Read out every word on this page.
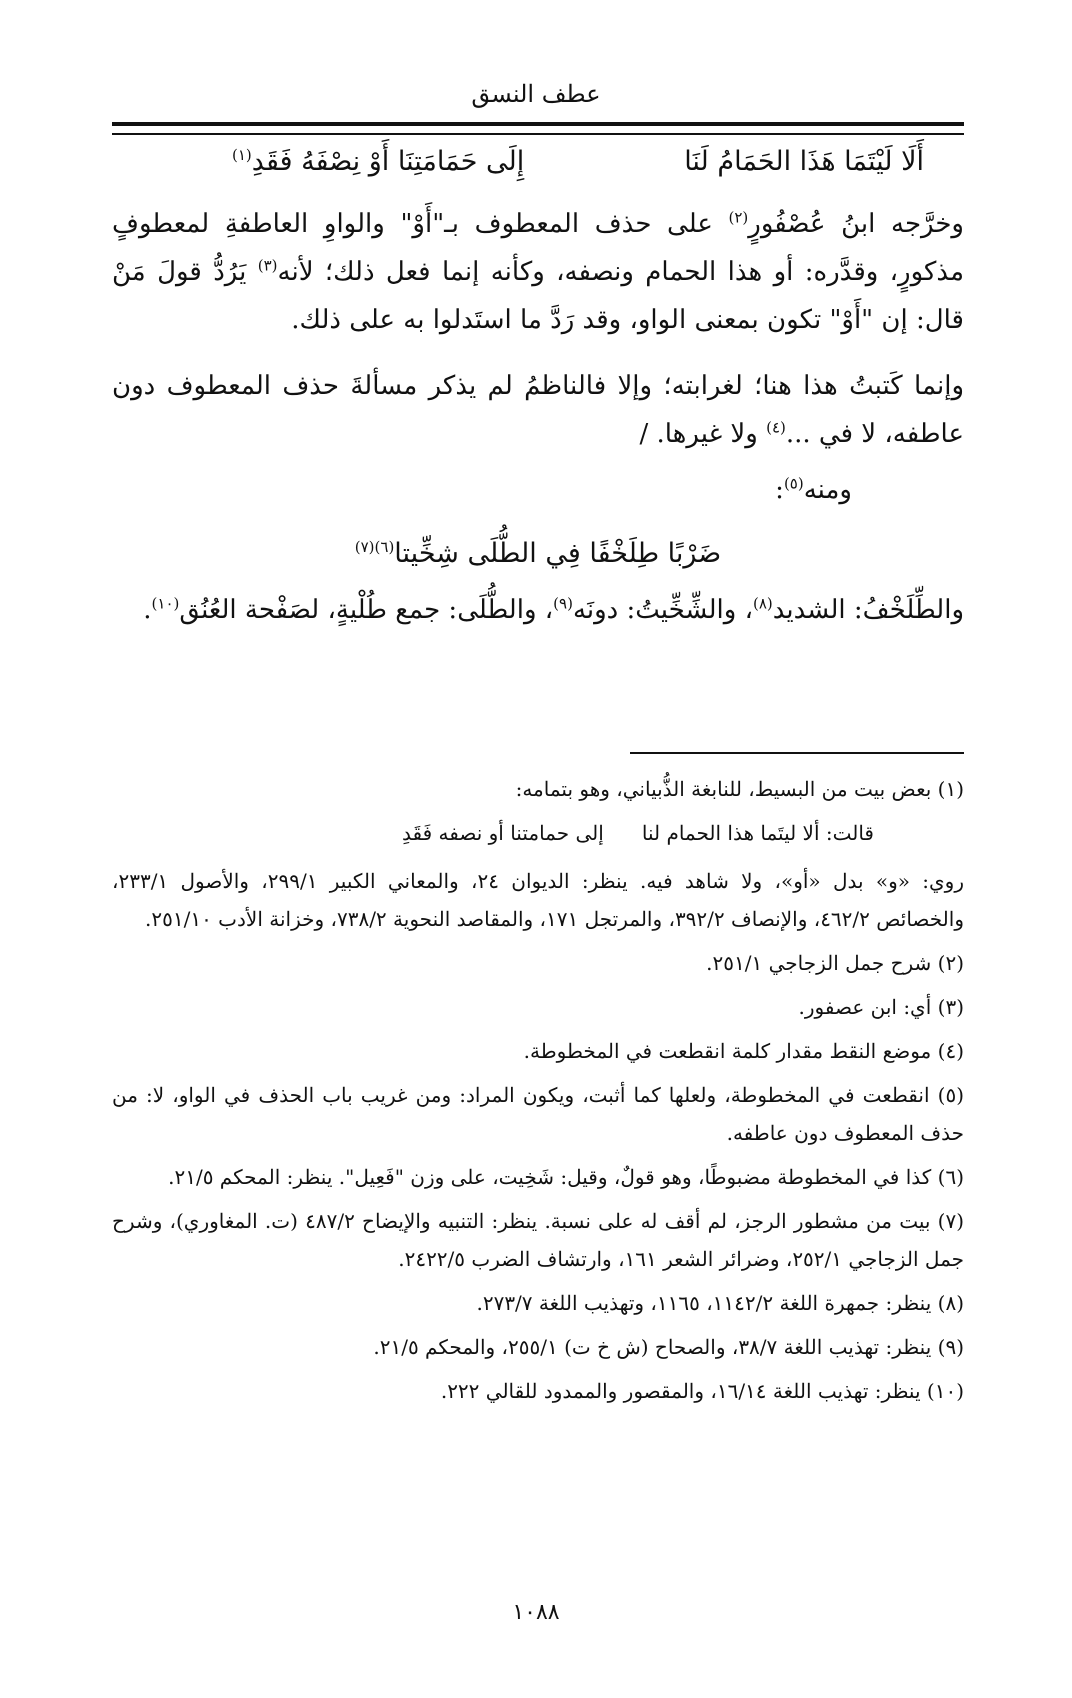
عطف النسق
أَلَا لَيْتَمَا هَذَا الحَمَامُ لَنَا
إِلَى حَمَامَتِنَا أَوْ نِصْفَهُ فَقَدِ$^{(١)}$

وخرَّجه ابنُ عُصْفُورٍ$^{(٢)}$ على حذف المعطوف بـ"أَوْ" والواوِ العاطفةِ لمعطوفٍ مذكورٍ، وقدَّره: أو هذا الحمام ونصفه، وكأنه إنما فعل ذلك؛ لأنه$^{(٣)}$ يَرُدُّ قولَ مَنْ قال: إن "أَوْ" تكون بمعنى الواو، وقد رَدَّ ما استَدلوا به على ذلك.

وإنما كَتبتُ هذا هنا؛ لغرابته؛ وإلا فالناظمُ لم يذكر مسألةَ حذف المعطوف دون عاطفه، لا في ...$^{(٤)}$ ولا غيرها. /

ومنه$^{(٥)}$:

ضَرْبًا طِلَخْفًا فِي الطُّلَى شِخِّيتا$^{(٦)(٧)}$

والطِّلَخْفُ: الشديد$^{(٨)}$، والشِّخِّيتُ: دونَه$^{(٩)}$، والطُّلَى: جمع طُلْيةٍ، لصَفْحة العُنُق$^{(١٠)}$.

(١) بعض بيت من البسيط، للنابغة الذُّبياني، وهو بتمامه:

قالت: ألا ليتَما هذا الحمام لنا
إلى حمامتنا أو نصفه فَقَدِ

روي: «و» بدل «أو»، ولا شاهد فيه. ينظر: الديوان ٢٤، والمعاني الكبير ٢٩٩/١، والأصول ٢٣٣/١، والخصائص ٤٦٢/٢، والإنصاف ٣٩٢/٢، والمرتجل ١٧١، والمقاصد النحوية ٧٣٨/٢، وخزانة الأدب ٢٥١/١٠.

(٢) شرح جمل الزجاجي ٢٥١/١.

(٣) أي: ابن عصفور.

(٤) موضع النقط مقدار كلمة انقطعت في المخطوطة.

(٥) انقطعت في المخطوطة، ولعلها كما أثبت، ويكون المراد: ومن غريب باب الحذف في الواو، لا: من حذف المعطوف دون عاطفه.

(٦) كذا في المخطوطة مضبوطًا، وهو قولٌ، وقيل: شَخِيت، على وزن "فَعِيل". ينظر: المحكم ٢١/٥.

(٧) بيت من مشطور الرجز، لم أقف له على نسبة. ينظر: التنبيه والإيضاح ٤٨٧/٢ (ت. المغاوري)، وشرح جمل الزجاجي ٢٥٢/١، وضرائر الشعر ١٦١، وارتشاف الضرب ٢٤٢٢/٥.

(٨) ينظر: جمهرة اللغة ١١٤٢/٢، ١١٦٥، وتهذيب اللغة ٢٧٣/٧.

(٩) ينظر: تهذيب اللغة ٣٨/٧، والصحاح (ش خ ت) ٢٥٥/١، والمحكم ٢١/٥.

(١٠) ينظر: تهذيب اللغة ١٦/١٤، والمقصور والممدود للقالي ٢٢٢.

١٠٨٨
